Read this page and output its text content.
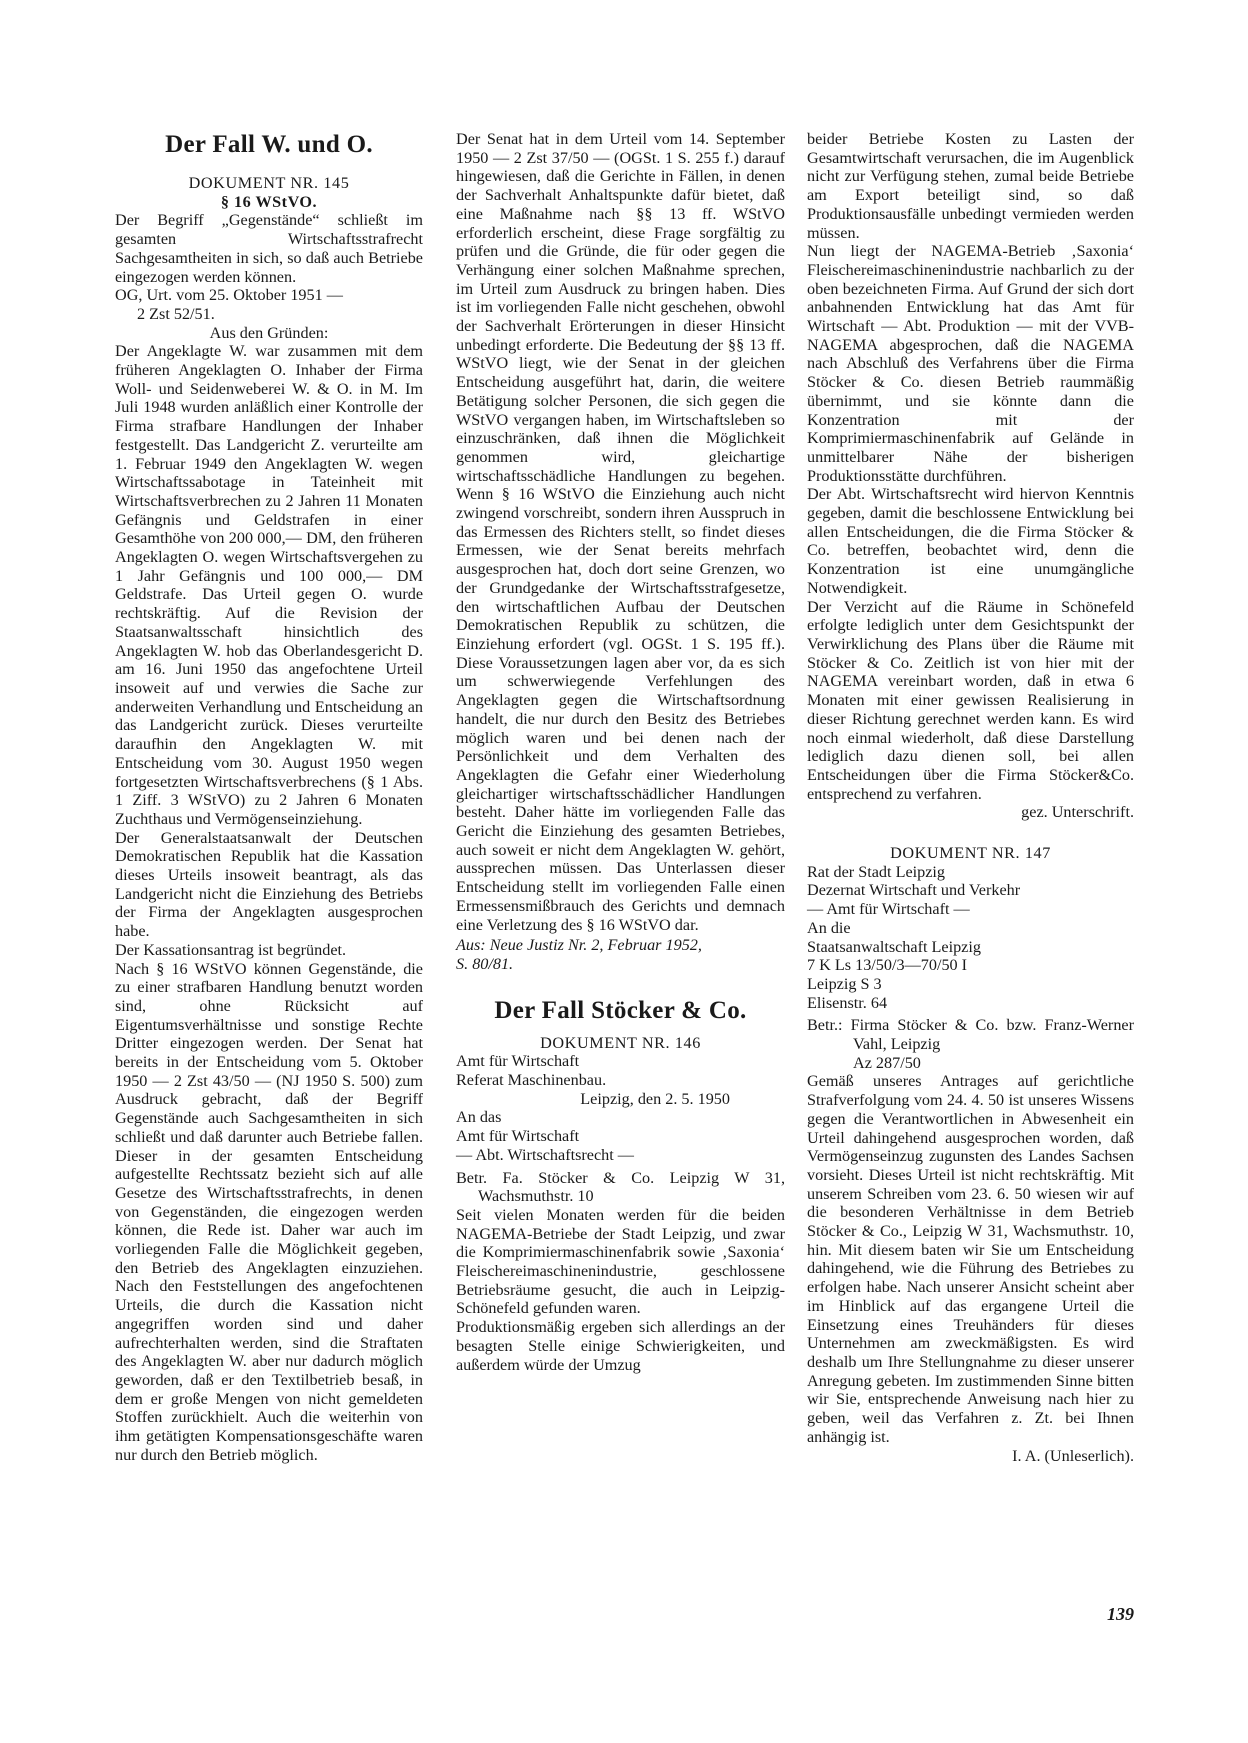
Der Fall W. und O.

DOKUMENT NR. 145

§ 16 WStVO.

Der Begriff „Gegenstände“ schließt im gesamten Wirtschaftsstrafrecht Sachgesamtheiten in sich, so daß auch Betriebe eingezogen werden können.

OG, Urt. vom 25. Oktober 1951 —

2 Zst 52/51.

Aus den Gründen:

Der Angeklagte W. war zusammen mit dem früheren Angeklagten O. Inhaber der Firma Woll- und Seidenweberei W. & O. in M. Im Juli 1948 wurden anläßlich einer Kontrolle der Firma strafbare Handlungen der Inhaber festgestellt. Das Landgericht Z. verurteilte am 1. Februar 1949 den Angeklagten W. wegen Wirtschaftssabotage in Tateinheit mit Wirtschaftsverbrechen zu 2 Jahren 11 Monaten Gefängnis und Geldstrafen in einer Gesamthöhe von 200 000,— DM, den früheren Angeklagten O. wegen Wirtschaftsvergehen zu 1 Jahr Gefängnis und 100 000,— DM Geldstrafe. Das Urteil gegen O. wurde rechtskräftig. Auf die Revision der Staatsanwaltsschaft hinsichtlich des Angeklagten W. hob das Oberlandesgericht D. am 16. Juni 1950 das angefochtene Urteil insoweit auf und verwies die Sache zur anderweiten Verhandlung und Entscheidung an das Landgericht zurück. Dieses verurteilte daraufhin den Angeklagten W. mit Entscheidung vom 30. August 1950 wegen fortgesetzten Wirtschaftsverbrechens (§ 1 Abs. 1 Ziff. 3 WStVO) zu 2 Jahren 6 Monaten Zuchthaus und Vermögenseinziehung.

Der Generalstaatsanwalt der Deutschen Demokratischen Republik hat die Kassation dieses Urteils insoweit beantragt, als das Landgericht nicht die Einziehung des Betriebs der Firma der Angeklagten ausgesprochen habe.

Der Kassationsantrag ist begründet.

Nach § 16 WStVO können Gegenstände, die zu einer strafbaren Handlung benutzt worden sind, ohne Rücksicht auf Eigentumsverhältnisse und sonstige Rechte Dritter eingezogen werden. Der Senat hat bereits in der Entscheidung vom 5. Oktober 1950 — 2 Zst 43/50 — (NJ 1950 S. 500) zum Ausdruck gebracht, daß der Begriff Gegenstände auch Sachgesamtheiten in sich schließt und daß darunter auch Betriebe fallen. Dieser in der gesamten Entscheidung aufgestellte Rechtssatz bezieht sich auf alle Gesetze des Wirtschaftsstrafrechts, in denen von Gegenständen, die eingezogen werden können, die Rede ist. Daher war auch im vorliegenden Falle die Möglichkeit gegeben, den Betrieb des Angeklagten einzuziehen. Nach den Feststellungen des angefochtenen Urteils, die durch die Kassation nicht angegriffen worden sind und daher aufrechterhalten werden, sind die Straftaten des Angeklagten W. aber nur dadurch möglich geworden, daß er den Textilbetrieb besaß, in dem er große Mengen von nicht gemeldeten Stoffen zurückhielt. Auch die weiterhin von ihm getätigten Kompensationsgeschäfte waren nur durch den Betrieb möglich.

Der Senat hat in dem Urteil vom 14. September 1950 — 2 Zst 37/50 — (OGSt. 1 S. 255 f.) darauf hingewiesen, daß die Gerichte in Fällen, in denen der Sachverhalt Anhaltspunkte dafür bietet, daß eine Maßnahme nach §§ 13 ff. WStVO erforderlich erscheint, diese Frage sorgfältig zu prüfen und die Gründe, die für oder gegen die Verhängung einer solchen Maßnahme sprechen, im Urteil zum Ausdruck zu bringen haben. Dies ist im vorliegenden Falle nicht geschehen, obwohl der Sachverhalt Erörterungen in dieser Hinsicht unbedingt erforderte. Die Bedeutung der §§ 13 ff. WStVO liegt, wie der Senat in der gleichen Entscheidung ausgeführt hat, darin, die weitere Betätigung solcher Personen, die sich gegen die WStVO vergangen haben, im Wirtschaftsleben so einzuschränken, daß ihnen die Möglichkeit genommen wird, gleichartige wirtschaftsschädliche Handlungen zu begehen. Wenn § 16 WStVO die Einziehung auch nicht zwingend vorschreibt, sondern ihren Ausspruch in das Ermessen des Richters stellt, so findet dieses Ermessen, wie der Senat bereits mehrfach ausgesprochen hat, doch dort seine Grenzen, wo der Grundgedanke der Wirtschaftsstrafgesetze, den wirtschaftlichen Aufbau der Deutschen Demokratischen Republik zu schützen, die Einziehung erfordert (vgl. OGSt. 1 S. 195 ff.). Diese Voraussetzungen lagen aber vor, da es sich um schwerwiegende Verfehlungen des Angeklagten gegen die Wirtschaftsordnung handelt, die nur durch den Besitz des Betriebes möglich waren und bei denen nach der Persönlichkeit und dem Verhalten des Angeklagten die Gefahr einer Wiederholung gleichartiger wirtschaftsschädlicher Handlungen besteht. Daher hätte im vorliegenden Falle das Gericht die Einziehung des gesamten Betriebes, auch soweit er nicht dem Angeklagten W. gehört, aussprechen müssen. Das Unterlassen dieser Entscheidung stellt im vorliegenden Falle einen Ermessensmißbrauch des Gerichts und demnach eine Verletzung des § 16 WStVO dar.

Aus: Neue Justiz Nr. 2, Februar 1952,

S. 80/81.

Der Fall Stöcker & Co.

DOKUMENT NR. 146

Amt für Wirtschaft

Referat Maschinenbau.

Leipzig, den 2. 5. 1950

An das

Amt für Wirtschaft

— Abt. Wirtschaftsrecht —

Betr. Fa. Stöcker & Co. Leipzig W 31, Wachsmuthstr. 10

Seit vielen Monaten werden für die beiden NAGEMA-Betriebe der Stadt Leipzig, und zwar die Komprimiermaschinenfabrik sowie ‚Saxonia‘ Fleischereimaschinenindustrie, geschlossene Betriebsräume gesucht, die auch in Leipzig-Schönefeld gefunden waren.

Produktionsmäßig ergeben sich allerdings an der besagten Stelle einige Schwierigkeiten, und außerdem würde der Umzug

beider Betriebe Kosten zu Lasten der Gesamtwirtschaft verursachen, die im Augenblick nicht zur Verfügung stehen, zumal beide Betriebe am Export beteiligt sind, so daß Produktionsausfälle unbedingt vermieden werden müssen.

Nun liegt der NAGEMA-Betrieb ‚Saxonia‘ Fleischereimaschinenindustrie nachbarlich zu der oben bezeichneten Firma. Auf Grund der sich dort anbahnenden Entwicklung hat das Amt für Wirtschaft — Abt. Produktion — mit der VVB-NAGEMA abgesprochen, daß die NAGEMA nach Abschluß des Verfahrens über die Firma Stöcker & Co. diesen Betrieb raummäßig übernimmt, und sie könnte dann die Konzentration mit der Komprimiermaschinenfabrik auf Gelände in unmittelbarer Nähe der bisherigen Produktionsstätte durchführen.

Der Abt. Wirtschaftsrecht wird hiervon Kenntnis gegeben, damit die beschlossene Entwicklung bei allen Entscheidungen, die die Firma Stöcker & Co. betreffen, beobachtet wird, denn die Konzentration ist eine unumgängliche Notwendigkeit.

Der Verzicht auf die Räume in Schönefeld erfolgte lediglich unter dem Gesichtspunkt der Verwirklichung des Plans über die Räume mit Stöcker & Co. Zeitlich ist von hier mit der NAGEMA vereinbart worden, daß in etwa 6 Monaten mit einer gewissen Realisierung in dieser Richtung gerechnet werden kann. Es wird noch einmal wiederholt, daß diese Darstellung lediglich dazu dienen soll, bei allen Entscheidungen über die Firma Stöcker&Co. entsprechend zu verfahren.

gez. Unterschrift.

DOKUMENT NR. 147

Rat der Stadt Leipzig

Dezernat Wirtschaft und Verkehr

— Amt für Wirtschaft —

An die

Staatsanwaltschaft Leipzig

7 K Ls 13/50/3—70/50 I

Leipzig S 3

Elisenstr. 64

Betr.: Firma Stöcker & Co. bzw. Franz-Werner Vahl, Leipzig

Az 287/50

Gemäß unseres Antrages auf gerichtliche Strafverfolgung vom 24. 4. 50 ist unseres Wissens gegen die Verantwortlichen in Abwesenheit ein Urteil dahingehend ausgesprochen worden, daß Vermögenseinzug zugunsten des Landes Sachsen vorsieht. Dieses Urteil ist nicht rechtskräftig. Mit unserem Schreiben vom 23. 6. 50 wiesen wir auf die besonderen Verhältnisse in dem Betrieb Stöcker & Co., Leipzig W 31, Wachsmuthstr. 10, hin. Mit diesem baten wir Sie um Entscheidung dahingehend, wie die Führung des Betriebes zu erfolgen habe. Nach unserer Ansicht scheint aber im Hinblick auf das ergangene Urteil die Einsetzung eines Treuhänders für dieses Unternehmen am zweckmäßigsten. Es wird deshalb um Ihre Stellungnahme zu dieser unserer Anregung gebeten. Im zustimmenden Sinne bitten wir Sie, entsprechende Anweisung nach hier zu geben, weil das Verfahren z. Zt. bei Ihnen anhängig ist.

I. A. (Unleserlich).

139
